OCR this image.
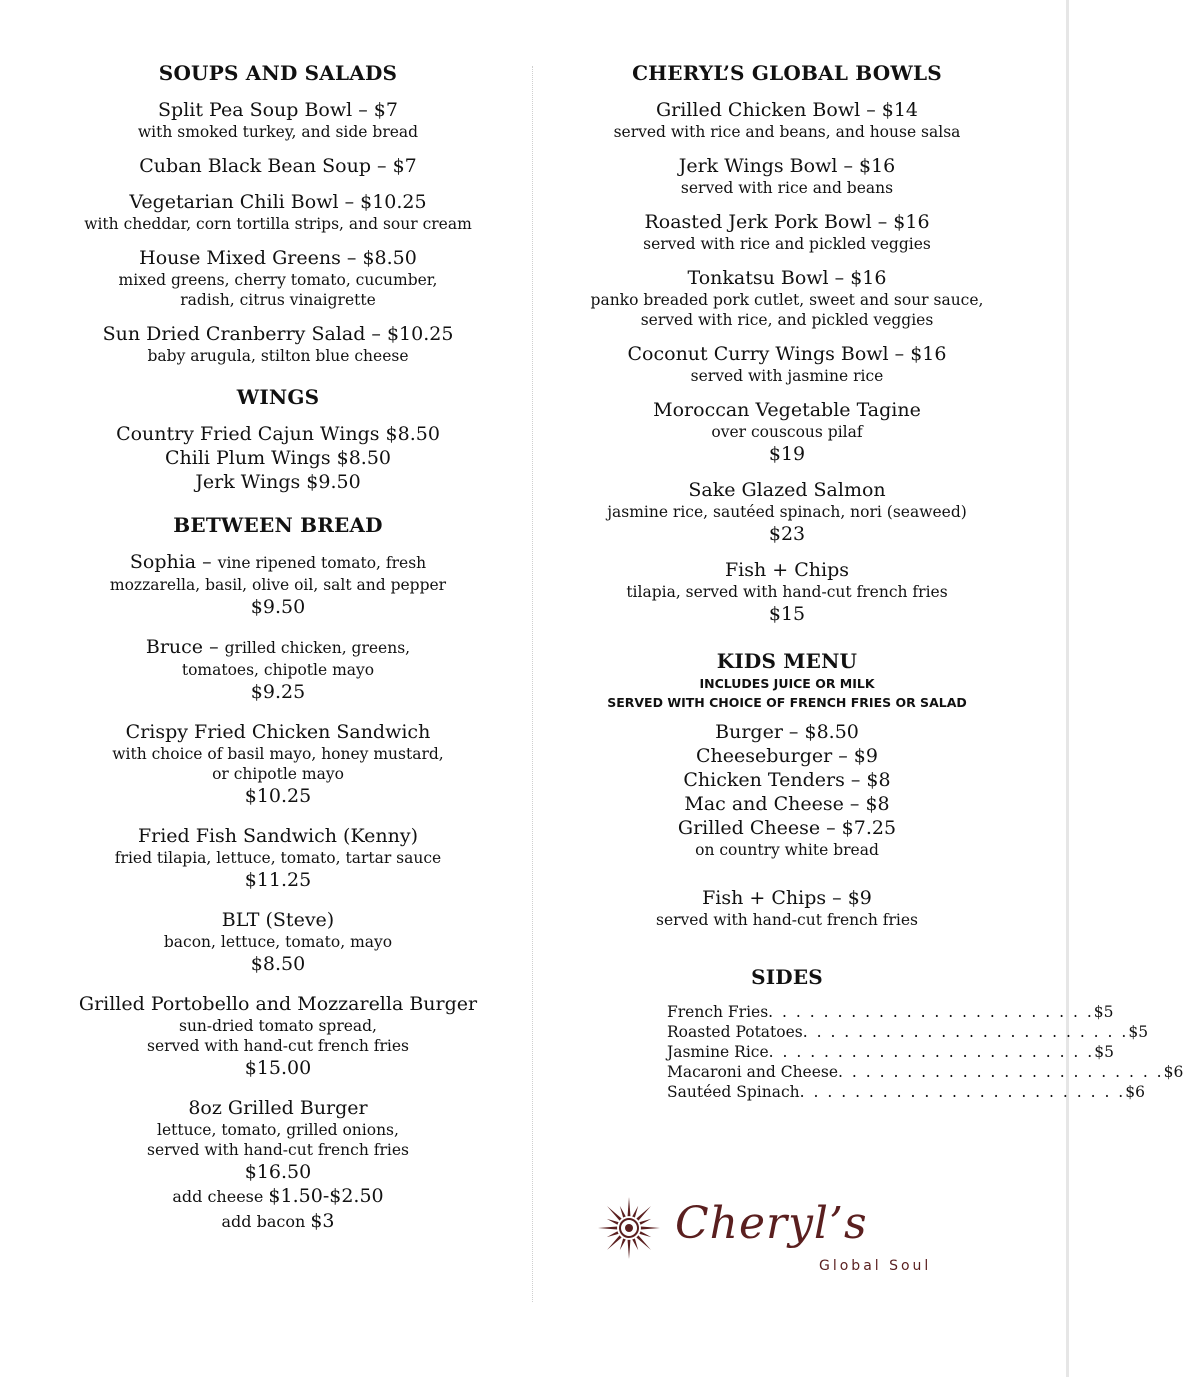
SOUPS AND SALADS
Split Pea Soup Bowl – $7
with smoked turkey, and side bread
Cuban Black Bean Soup – $7
Vegetarian Chili Bowl – $10.25
with cheddar, corn tortilla strips, and sour cream
House Mixed Greens – $8.50
mixed greens, cherry tomato, cucumber,
radish, citrus vinaigrette
Sun Dried Cranberry Salad – $10.25
baby arugula, stilton blue cheese
WINGS
Country Fried Cajun Wings $8.50
Chili Plum Wings $8.50
Jerk Wings $9.50
BETWEEN BREAD
Sophia – vine ripened tomato, fresh
mozzarella, basil, olive oil, salt and pepper
$9.50
Bruce – grilled chicken, greens,
tomatoes, chipotle mayo
$9.25
Crispy Fried Chicken Sandwich
with choice of basil mayo, honey mustard,
or chipotle mayo
$10.25
Fried Fish Sandwich (Kenny)
fried tilapia, lettuce, tomato, tartar sauce
$11.25
BLT (Steve)
bacon, lettuce, tomato, mayo
$8.50
Grilled Portobello and Mozzarella Burger
sun-dried tomato spread,
served with hand-cut french fries
$15.00
8oz Grilled Burger
lettuce, tomato, grilled onions,
served with hand-cut french fries
$16.50
add cheese $1.50-$2.50
add bacon $3
CHERYL’S GLOBAL BOWLS
Grilled Chicken Bowl – $14
served with rice and beans, and house salsa
Jerk Wings Bowl – $16
served with rice and beans
Roasted Jerk Pork Bowl – $16
served with rice and pickled veggies
Tonkatsu Bowl – $16
panko breaded pork cutlet, sweet and sour sauce,
served with rice, and pickled veggies
Coconut Curry Wings Bowl – $16
served with jasmine rice
Moroccan Vegetable Tagine
over couscous pilaf
$19
Sake Glazed Salmon
jasmine rice, sautéed spinach, nori (seaweed)
$23
Fish + Chips
tilapia, served with hand-cut french fries
$15
KIDS MENU
INCLUDES JUICE OR MILK
SERVED WITH CHOICE OF FRENCH FRIES OR SALAD
Burger – $8.50
Cheeseburger – $9
Chicken Tenders – $8
Mac and Cheese – $8
Grilled Cheese – $7.25
on country white bread
Fish + Chips – $9
served with hand-cut french fries
SIDES
French Fries . . . . . . . . . . . . . . . . . . . . . . . . $5
Roasted Potatoes . . . . . . . . . . . . . . . . . . . . . . . . $5
Jasmine Rice . . . . . . . . . . . . . . . . . . . . . . . . $5
Macaroni and Cheese . . . . . . . . . . . . . . . . . . . . . . . . $6
Sautéed Spinach . . . . . . . . . . . . . . . . . . . . . . . . $6
Cheryl’s
Global Soul
